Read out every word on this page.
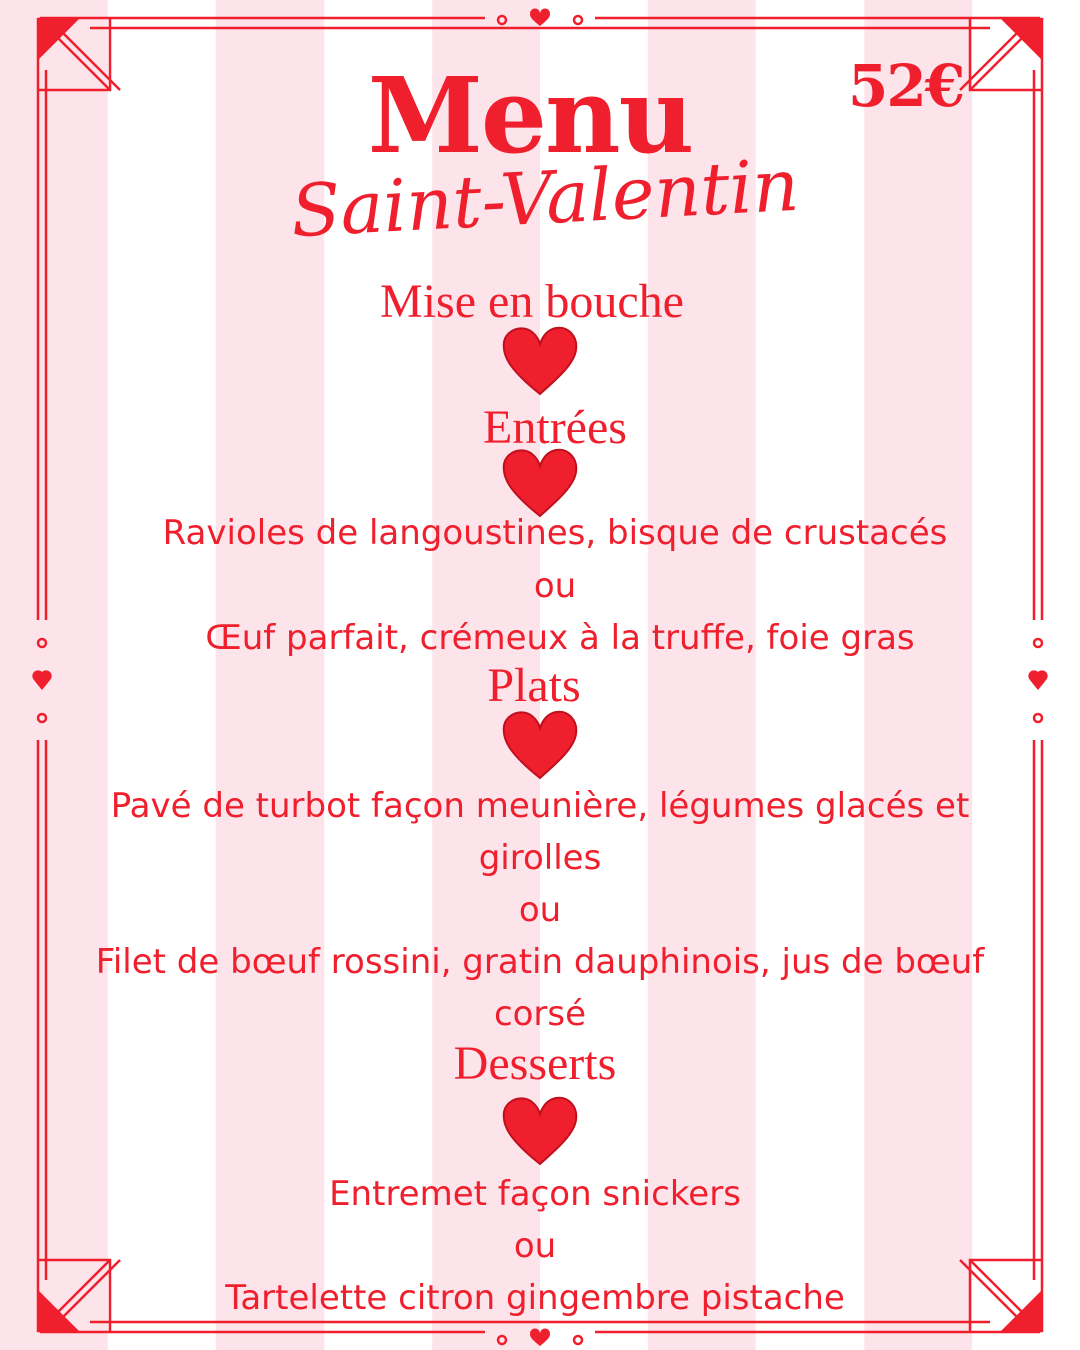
52€
Menu
Saint-Valentin
Mise en bouche
Entrées
Ravioles de langoustines, bisque de crustacés
ou
Œuf parfait, crémeux à la truffe, foie gras
Plats
Pavé de turbot façon meunière, légumes glacés et
girolles
ou
Filet de bœuf rossini, gratin dauphinois, jus de bœuf
corsé
Desserts
Entremet façon snickers
ou
Tartelette citron gingembre pistache
